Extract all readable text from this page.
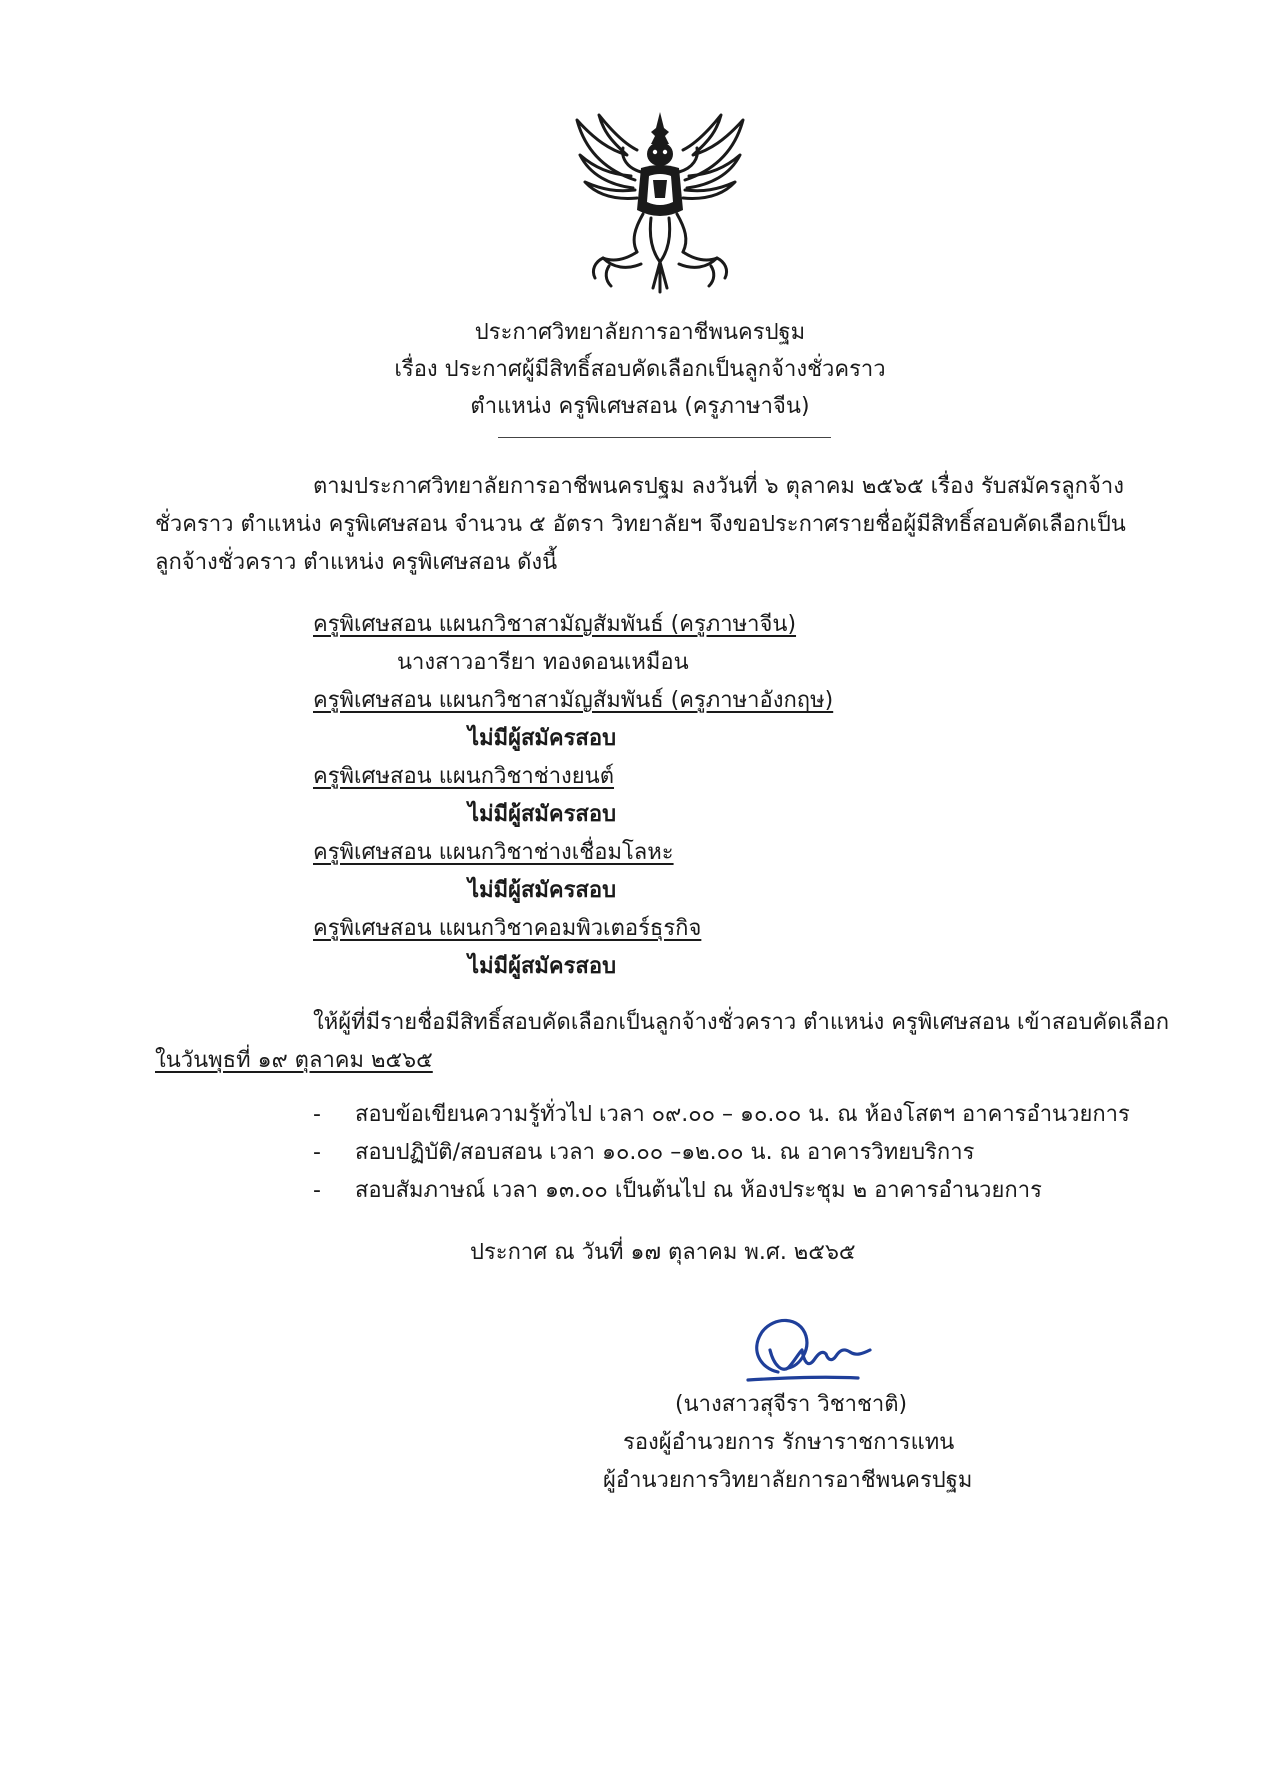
ประกาศวิทยาลัยการอาชีพนครปฐม
เรื่อง ประกาศผู้มีสิทธิ์สอบคัดเลือกเป็นลูกจ้างชั่วคราว
ตำแหน่ง ครูพิเศษสอน (ครูภาษาจีน)
ตามประกาศวิทยาลัยการอาชีพนครปฐม ลงวันที่ ๖ ตุลาคม ๒๕๖๕ เรื่อง รับสมัครลูกจ้าง
ชั่วคราว ตำแหน่ง ครูพิเศษสอน จำนวน ๕ อัตรา วิทยาลัยฯ จึงขอประกาศรายชื่อผู้มีสิทธิ์สอบคัดเลือกเป็น
ลูกจ้างชั่วคราว ตำแหน่ง ครูพิเศษสอน ดังนี้
ครูพิเศษสอน แผนกวิชาสามัญสัมพันธ์ (ครูภาษาจีน)
นางสาวอารียา ทองดอนเหมือน
ครูพิเศษสอน แผนกวิชาสามัญสัมพันธ์ (ครูภาษาอังกฤษ)
ไม่มีผู้สมัครสอบ
ครูพิเศษสอน แผนกวิชาช่างยนต์
ไม่มีผู้สมัครสอบ
ครูพิเศษสอน แผนกวิชาช่างเชื่อมโลหะ
ไม่มีผู้สมัครสอบ
ครูพิเศษสอน แผนกวิชาคอมพิวเตอร์ธุรกิจ
ไม่มีผู้สมัครสอบ
ให้ผู้ที่มีรายชื่อมีสิทธิ์สอบคัดเลือกเป็นลูกจ้างชั่วคราว ตำแหน่ง ครูพิเศษสอน เข้าสอบคัดเลือก
ในวันพุธที่ ๑๙ ตุลาคม ๒๕๖๕
- สอบข้อเขียนความรู้ทั่วไป เวลา ๐๙.๐๐ – ๑๐.๐๐ น. ณ ห้องโสตฯ อาคารอำนวยการ
- สอบปฏิบัติ/สอบสอน เวลา ๑๐.๐๐ –๑๒.๐๐ น. ณ อาคารวิทยบริการ
- สอบสัมภาษณ์ เวลา ๑๓.๐๐ เป็นต้นไป ณ ห้องประชุม ๒ อาคารอำนวยการ
ประกาศ ณ วันที่ ๑๗ ตุลาคม พ.ศ. ๒๕๖๕
(นางสาวสุจีรา วิชาชาติ)
รองผู้อำนวยการ รักษาราชการแทน
ผู้อำนวยการวิทยาลัยการอาชีพนครปฐม
